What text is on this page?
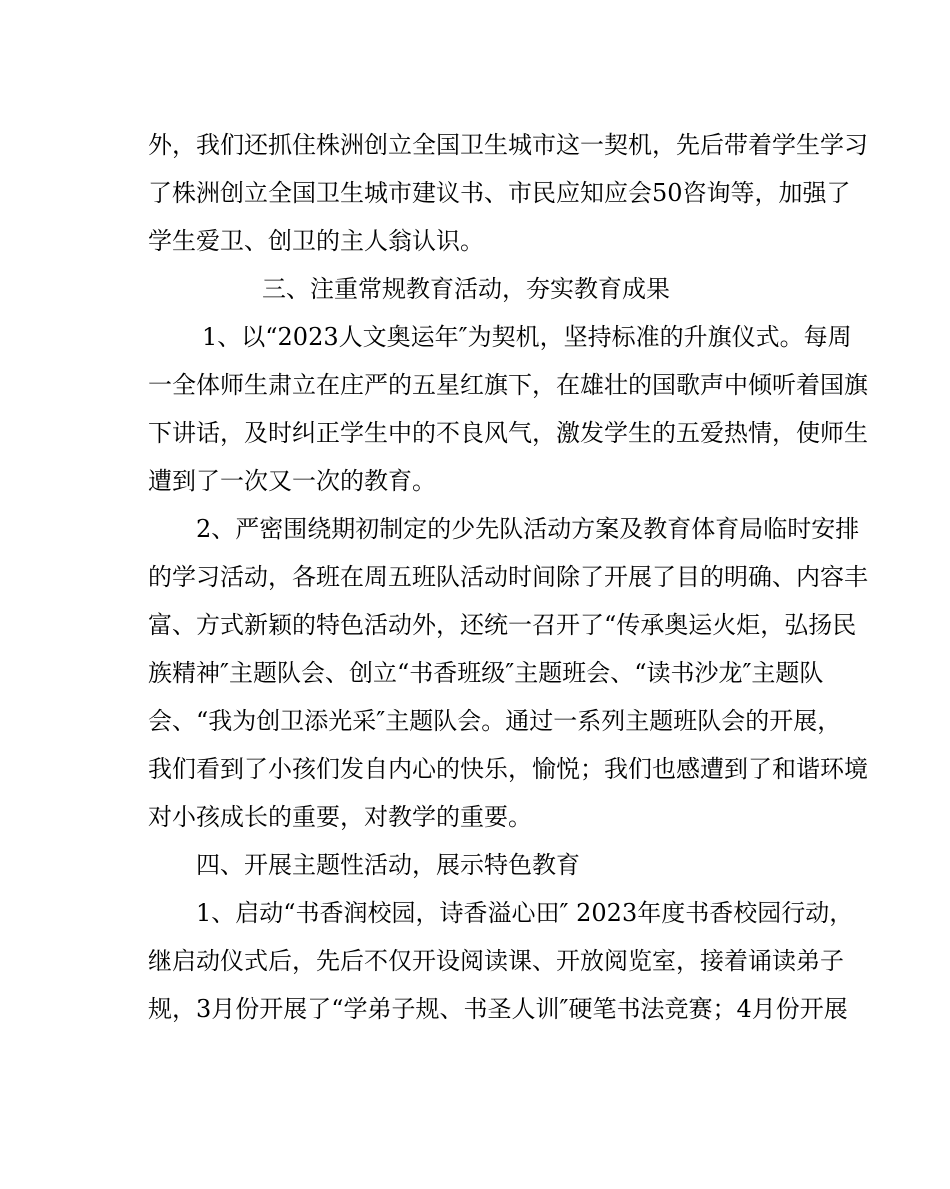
外，我们还抓住株洲创立全国卫生城市这一契机，先后带着学生学习
了株洲创立全国卫生城市建议书、市民应知应会50咨询等，加强了
学生爱卫、创卫的主人翁认识。
三、注重常规教育活动，夯实教育成果
1、以“2023人文奥运年″为契机，坚持标准的升旗仪式。每周
一全体师生肃立在庄严的五星红旗下，在雄壮的国歌声中倾听着国旗
下讲话，及时纠正学生中的不良风气，激发学生的五爱热情，使师生
遭到了一次又一次的教育。
2、严密围绕期初制定的少先队活动方案及教育体育局临时安排
的学习活动，各班在周五班队活动时间除了开展了目的明确、内容丰
富、方式新颖的特色活动外，还统一召开了“传承奥运火炬，弘扬民
族精神″主题队会、创立“书香班级″主题班会、“读书沙龙″主题队
会、“我为创卫添光采″主题队会。通过一系列主题班队会的开展，
我们看到了小孩们发自内心的快乐，愉悦；我们也感遭到了和谐环境
对小孩成长的重要，对教学的重要。
四、开展主题性活动，展示特色教育
1、启动“书香润校园，诗香溢心田″ 2023年度书香校园行动，
继启动仪式后，先后不仅开设阅读课、开放阅览室，接着诵读弟子
规，3月份开展了“学弟子规、书圣人训″硬笔书法竞赛；4月份开展
